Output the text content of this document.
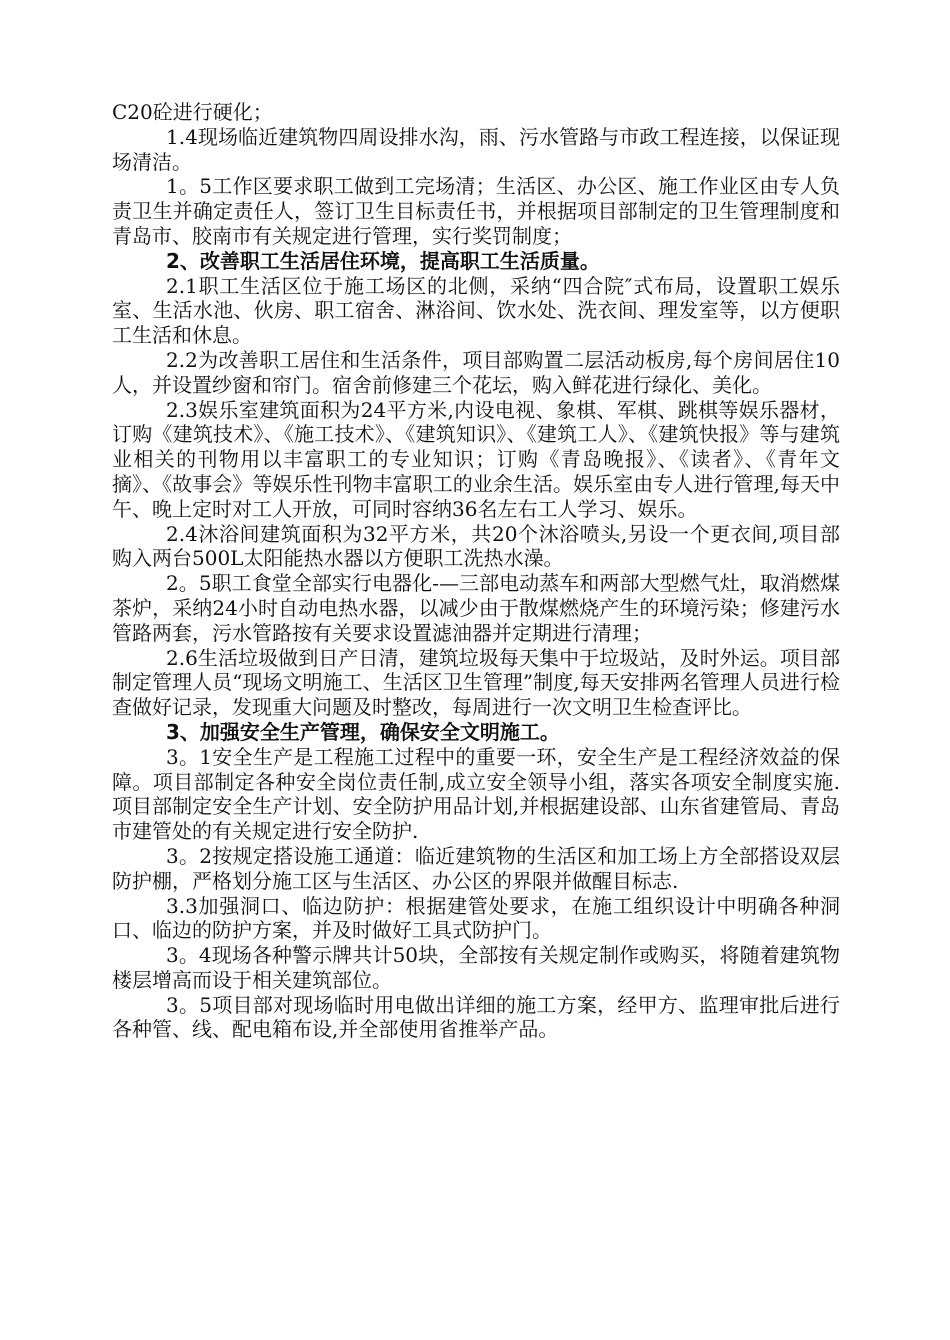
C20砼进行硬化；

1.4现场临近建筑物四周设排水沟，雨、污水管路与市政工程连接，以保证现场清洁。

1。5工作区要求职工做到工完场清；生活区、办公区、施工作业区由专人负责卫生并确定责任人，签订卫生目标责任书，并根据项目部制定的卫生管理制度和青岛市、胶南市有关规定进行管理，实行奖罚制度；

2、改善职工生活居住环境，提高职工生活质量。

2.1职工生活区位于施工场区的北侧，采纳“四合院″式布局，设置职工娱乐室、生活水池、伙房、职工宿舍、淋浴间、饮水处、洗衣间、理发室等，以方便职工生活和休息。

2.2为改善职工居住和生活条件，项目部购置二层活动板房,每个房间居住10人，并设置纱窗和帘门。宿舍前修建三个花坛，购入鲜花进行绿化、美化。

2.3娱乐室建筑面积为24平方米,内设电视、象棋、军棋、跳棋等娱乐器材，订购《建筑技术》、《施工技术》、《建筑知识》、《建筑工人》、《建筑快报》等与建筑业相关的刊物用以丰富职工的专业知识；订购《青岛晚报》、《读者》、《青年文摘》、《故事会》等娱乐性刊物丰富职工的业余生活。娱乐室由专人进行管理,每天中午、晚上定时对工人开放，可同时容纳36名左右工人学习、娱乐。

2.4沐浴间建筑面积为32平方米，共20个沐浴喷头,另设一个更衣间,项目部购入两台500L太阳能热水器以方便职工洗热水澡。

2。5职工食堂全部实行电器化-—三部电动蒸车和两部大型燃气灶，取消燃煤茶炉，采纳24小时自动电热水器，以减少由于散煤燃烧产生的环境污染；修建污水管路两套，污水管路按有关要求设置滤油器并定期进行清理；

2.6生活垃圾做到日产日清，建筑垃圾每天集中于垃圾站，及时外运。项目部制定管理人员“现场文明施工、生活区卫生管理”制度,每天安排两名管理人员进行检查做好记录，发现重大问题及时整改，每周进行一次文明卫生检查评比。

3、加强安全生产管理，确保安全文明施工。

3。1安全生产是工程施工过程中的重要一环，安全生产是工程经济效益的保障。项目部制定各种安全岗位责任制,成立安全领导小组，落实各项安全制度实施.项目部制定安全生产计划、安全防护用品计划,并根据建设部、山东省建管局、青岛市建管处的有关规定进行安全防护.

3。2按规定搭设施工通道：临近建筑物的生活区和加工场上方全部搭设双层防护棚，严格划分施工区与生活区、办公区的界限并做醒目标志.

3.3加强洞口、临边防护：根据建管处要求，在施工组织设计中明确各种洞口、临边的防护方案，并及时做好工具式防护门。

3。4现场各种警示牌共计50块，全部按有关规定制作或购买，将随着建筑物楼层增高而设于相关建筑部位。

3。5项目部对现场临时用电做出详细的施工方案，经甲方、监理审批后进行各种管、线、配电箱布设,并全部使用省推举产品。
